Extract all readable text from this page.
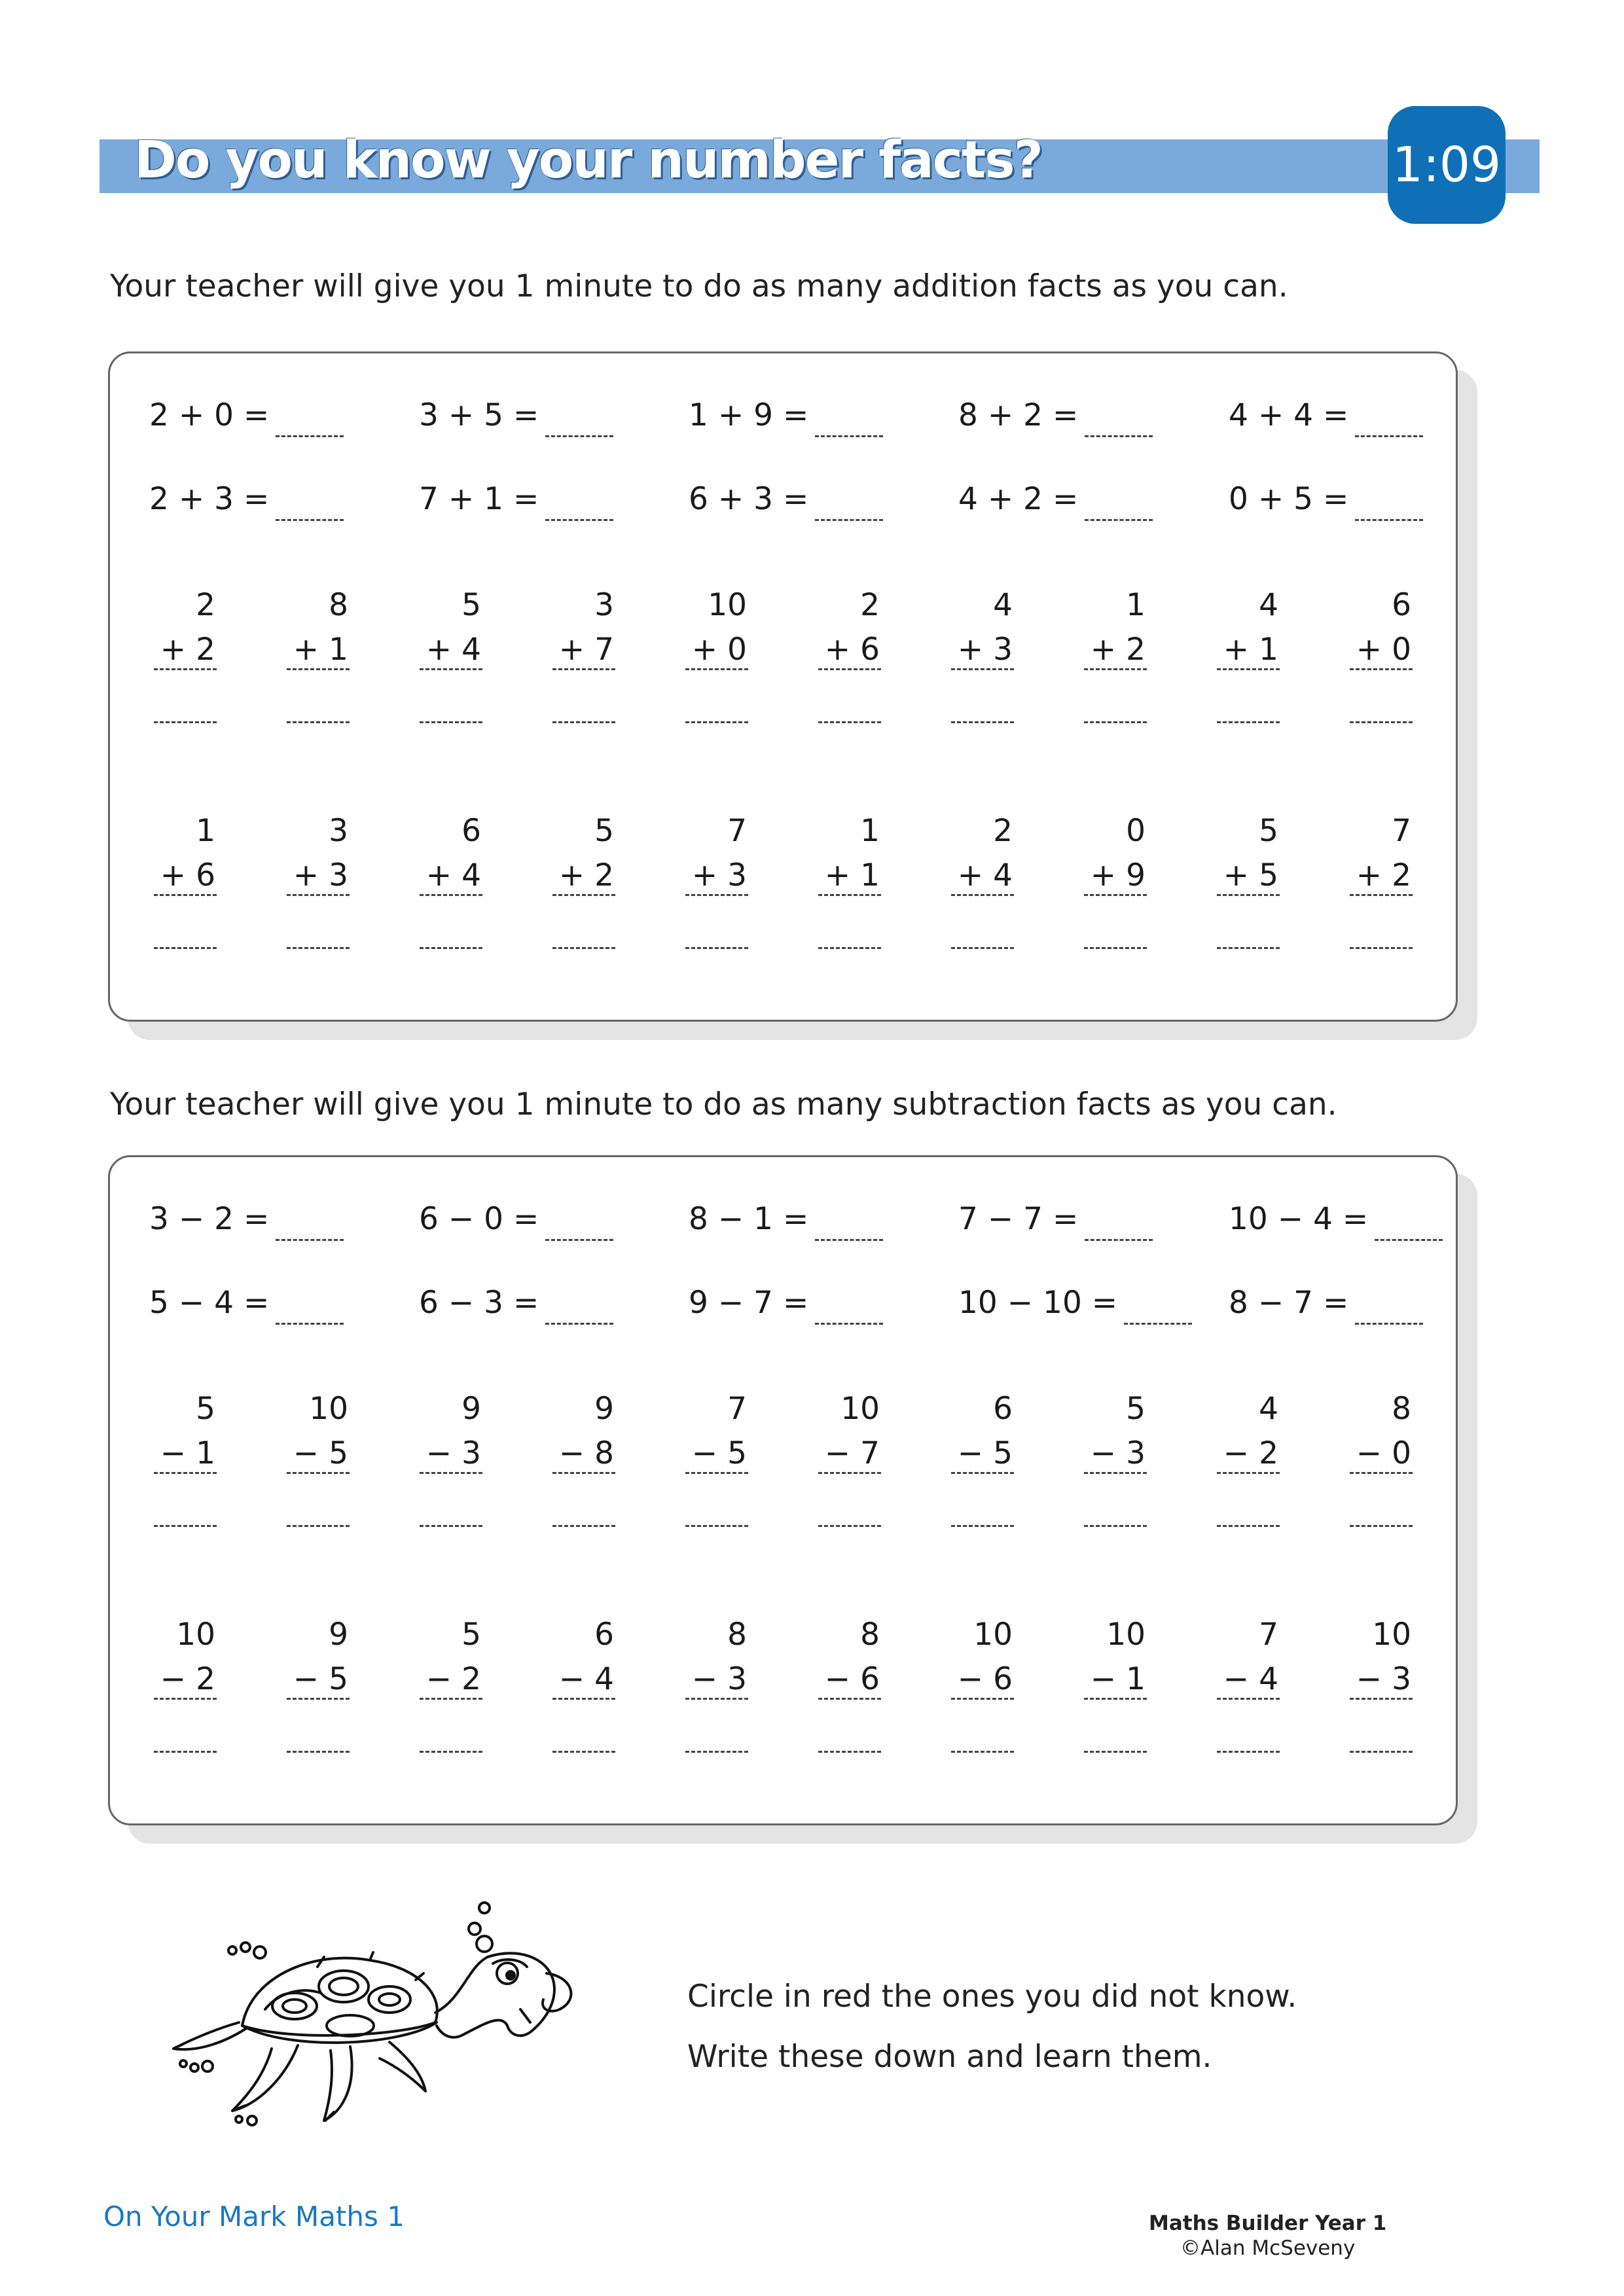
Do you know your number facts?	1:09
Your teacher will give you 1 minute to do as many addition facts as you can.
2 + 0 =	3 + 5 =	1 + 9 =	8 + 2 =	4 + 4 =
2 + 3 =	7 + 1 =	6 + 3 =	4 + 2 =	0 + 5 =
2
+ 2
8
+ 1
5
+ 4
3
+ 7
10
+ 0
2
+ 6
4
+ 3
1
+ 2
4
+ 1
6
+ 0
1
+ 6
3
+ 3
6
+ 4
5
+ 2
7
+ 3
1
+ 1
2
+ 4
0
+ 9
5
+ 5
7
+ 2
Your teacher will give you 1 minute to do as many subtraction facts as you can.
3 − 2 =	6 − 0 =	8 − 1 =	7 − 7 =	10 − 4 =
5 − 4 =	6 − 3 =	9 − 7 =	10 − 10 =	8 − 7 =
5
− 1
10
− 5
9
− 3
9
− 8
7
− 5
10
− 7
6
− 5
5
− 3
4
− 2
8
− 0
10
− 2
9
− 5
5
− 2
6
− 4
8
− 3
8
− 6
10
− 6
10
− 1
7
− 4
10
− 3
Circle in red the ones you did not know.
Write these down and learn them.
On Your Mark Maths 1	Maths Builder Year 1
©Alan McSeveny
